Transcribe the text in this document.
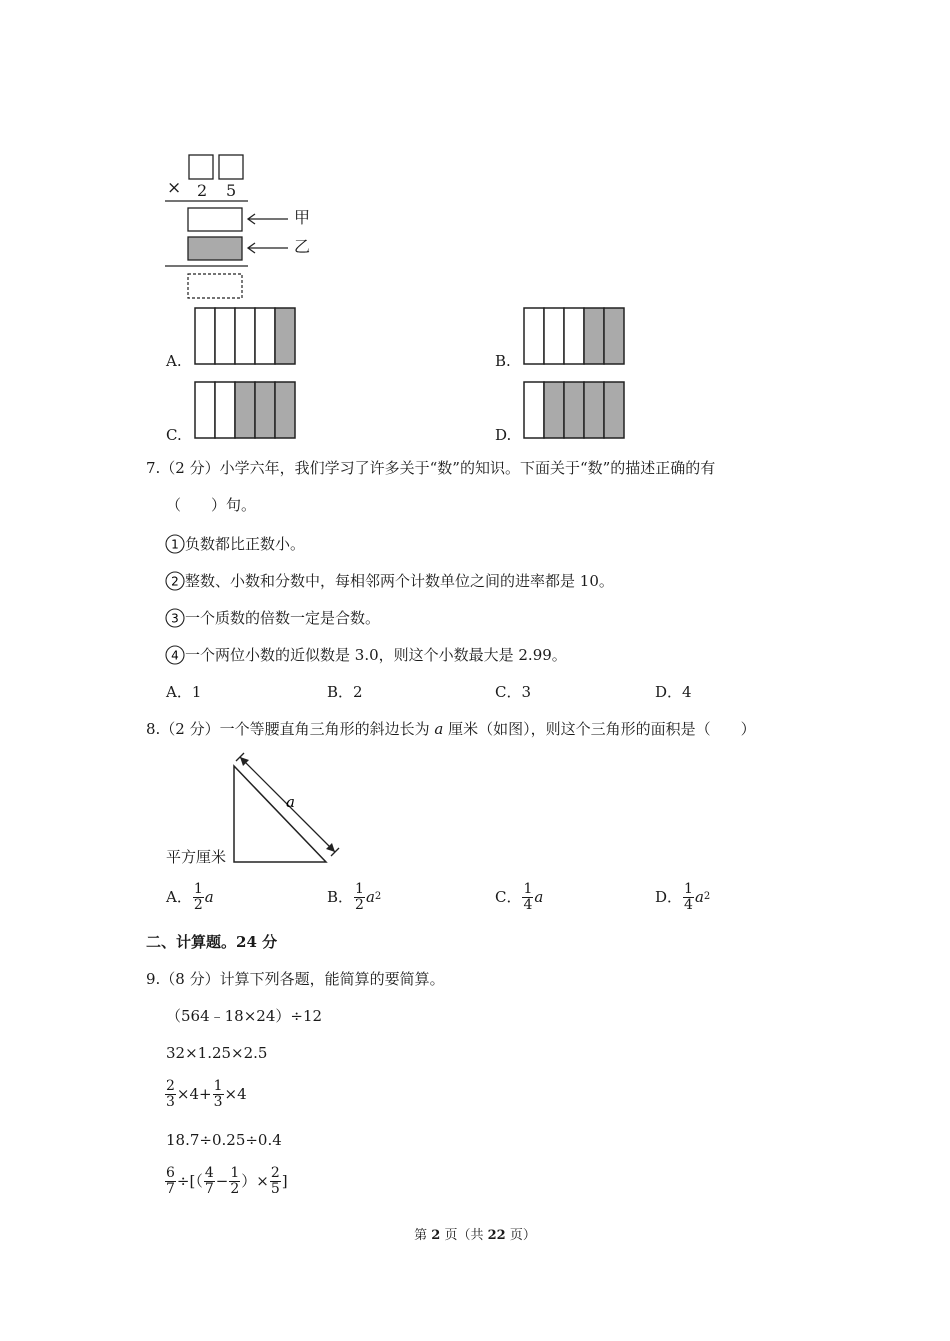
× 2 5
甲
乙
A.	B.
C.	D.
7.（2 分）小学六年，我们学习了许多关于“数”的知识。下面关于“数”的描述正确的有
（　　）句。
1 负数都比正数小。
2 整数、小数和分数中，每相邻两个计数单位之间的进率都是 10。
3 一个质数的倍数一定是合数。
4 一个两位小数的近似数是 3.0，则这个小数最大是 2.99。
A．1	B．2	C．3	D．4
8.（2 分）一个等腰直角三角形的斜边长为 a 厘米（如图），则这个三角形的面积是（　　）
a
平方厘米
A． $\frac{1}{2}$ a	B． $\frac{1}{2}$ a 2	C． $\frac{1}{4}$ a	D． $\frac{1}{4}$ a 2
二、计算题。24 分
9.（8 分）计算下列各题，能简算的要简算。
（564﹣18×24）÷12
32×1.25×2.5
$\frac{2}{3} \times 4+ \frac{1}{3} \times 4$
18.7÷0.25÷0.4
$\frac{6}{7}$ ÷[（ $\frac{4}{7} - \frac{1}{2}$ ）× $\frac{2}{5}$ ]
第 2 页（共 22 页）
